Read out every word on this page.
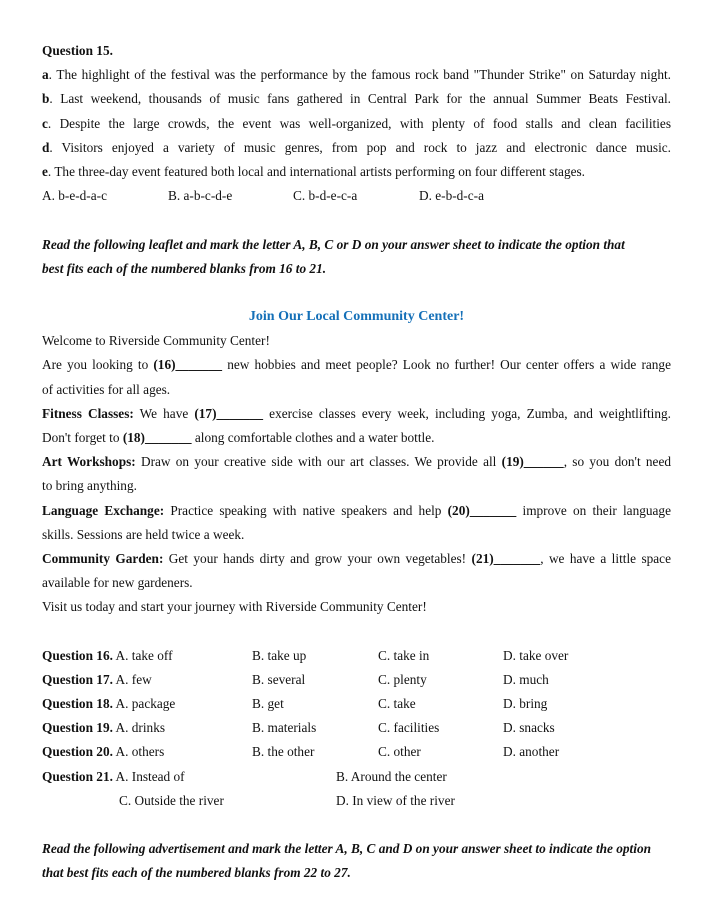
Question 15.
a. The highlight of the festival was the performance by the famous rock band "Thunder Strike" on Saturday night.
b. Last weekend, thousands of music fans gathered in Central Park for the annual Summer Beats Festival.
c. Despite the large crowds, the event was well-organized, with plenty of food stalls and clean facilities
d. Visitors enjoyed a variety of music genres, from pop and rock to jazz and electronic dance music.
e. The three-day event featured both local and international artists performing on four different stages.
A. b-e-d-a-c	B. a-b-c-d-e	C. b-d-e-c-a	D. e-b-d-c-a
Read the following leaflet and mark the letter A, B, C or D on your answer sheet to indicate the option that
best fits each of the numbered blanks from 16 to 21.
Join Our Local Community Center!
Welcome to Riverside Community Center!
Are you looking to (16)_______ new hobbies and meet people? Look no further! Our center offers a wide range
of activities for all ages.
Fitness Classes: We have (17)_______ exercise classes every week, including yoga, Zumba, and weightlifting.
Don't forget to (18)_______ along comfortable clothes and a water bottle.
Art Workshops: Draw on your creative side with our art classes. We provide all (19)______, so you don't need
to bring anything.
Language Exchange: Practice speaking with native speakers and help (20)_______ improve on their language
skills. Sessions are held twice a week.
Community Garden: Get your hands dirty and grow your own vegetables! (21)_______, we have a little space
available for new gardeners.
Visit us today and start your journey with Riverside Community Center!
Question 16. A. take off	B. take up	C. take in	D. take over
Question 17. A. few	B. several	C. plenty	D. much
Question 18. A. package	B. get	C. take	D. bring
Question 19. A. drinks	B. materials	C. facilities	D. snacks
Question 20. A. others	B. the other	C. other	D. another
Question 21. A. Instead of	B. Around the center
C. Outside the river	D. In view of the river
Read the following advertisement and mark the letter A, B, C and D on your answer sheet to indicate the option
that best fits each of the numbered blanks from 22 to 27.
